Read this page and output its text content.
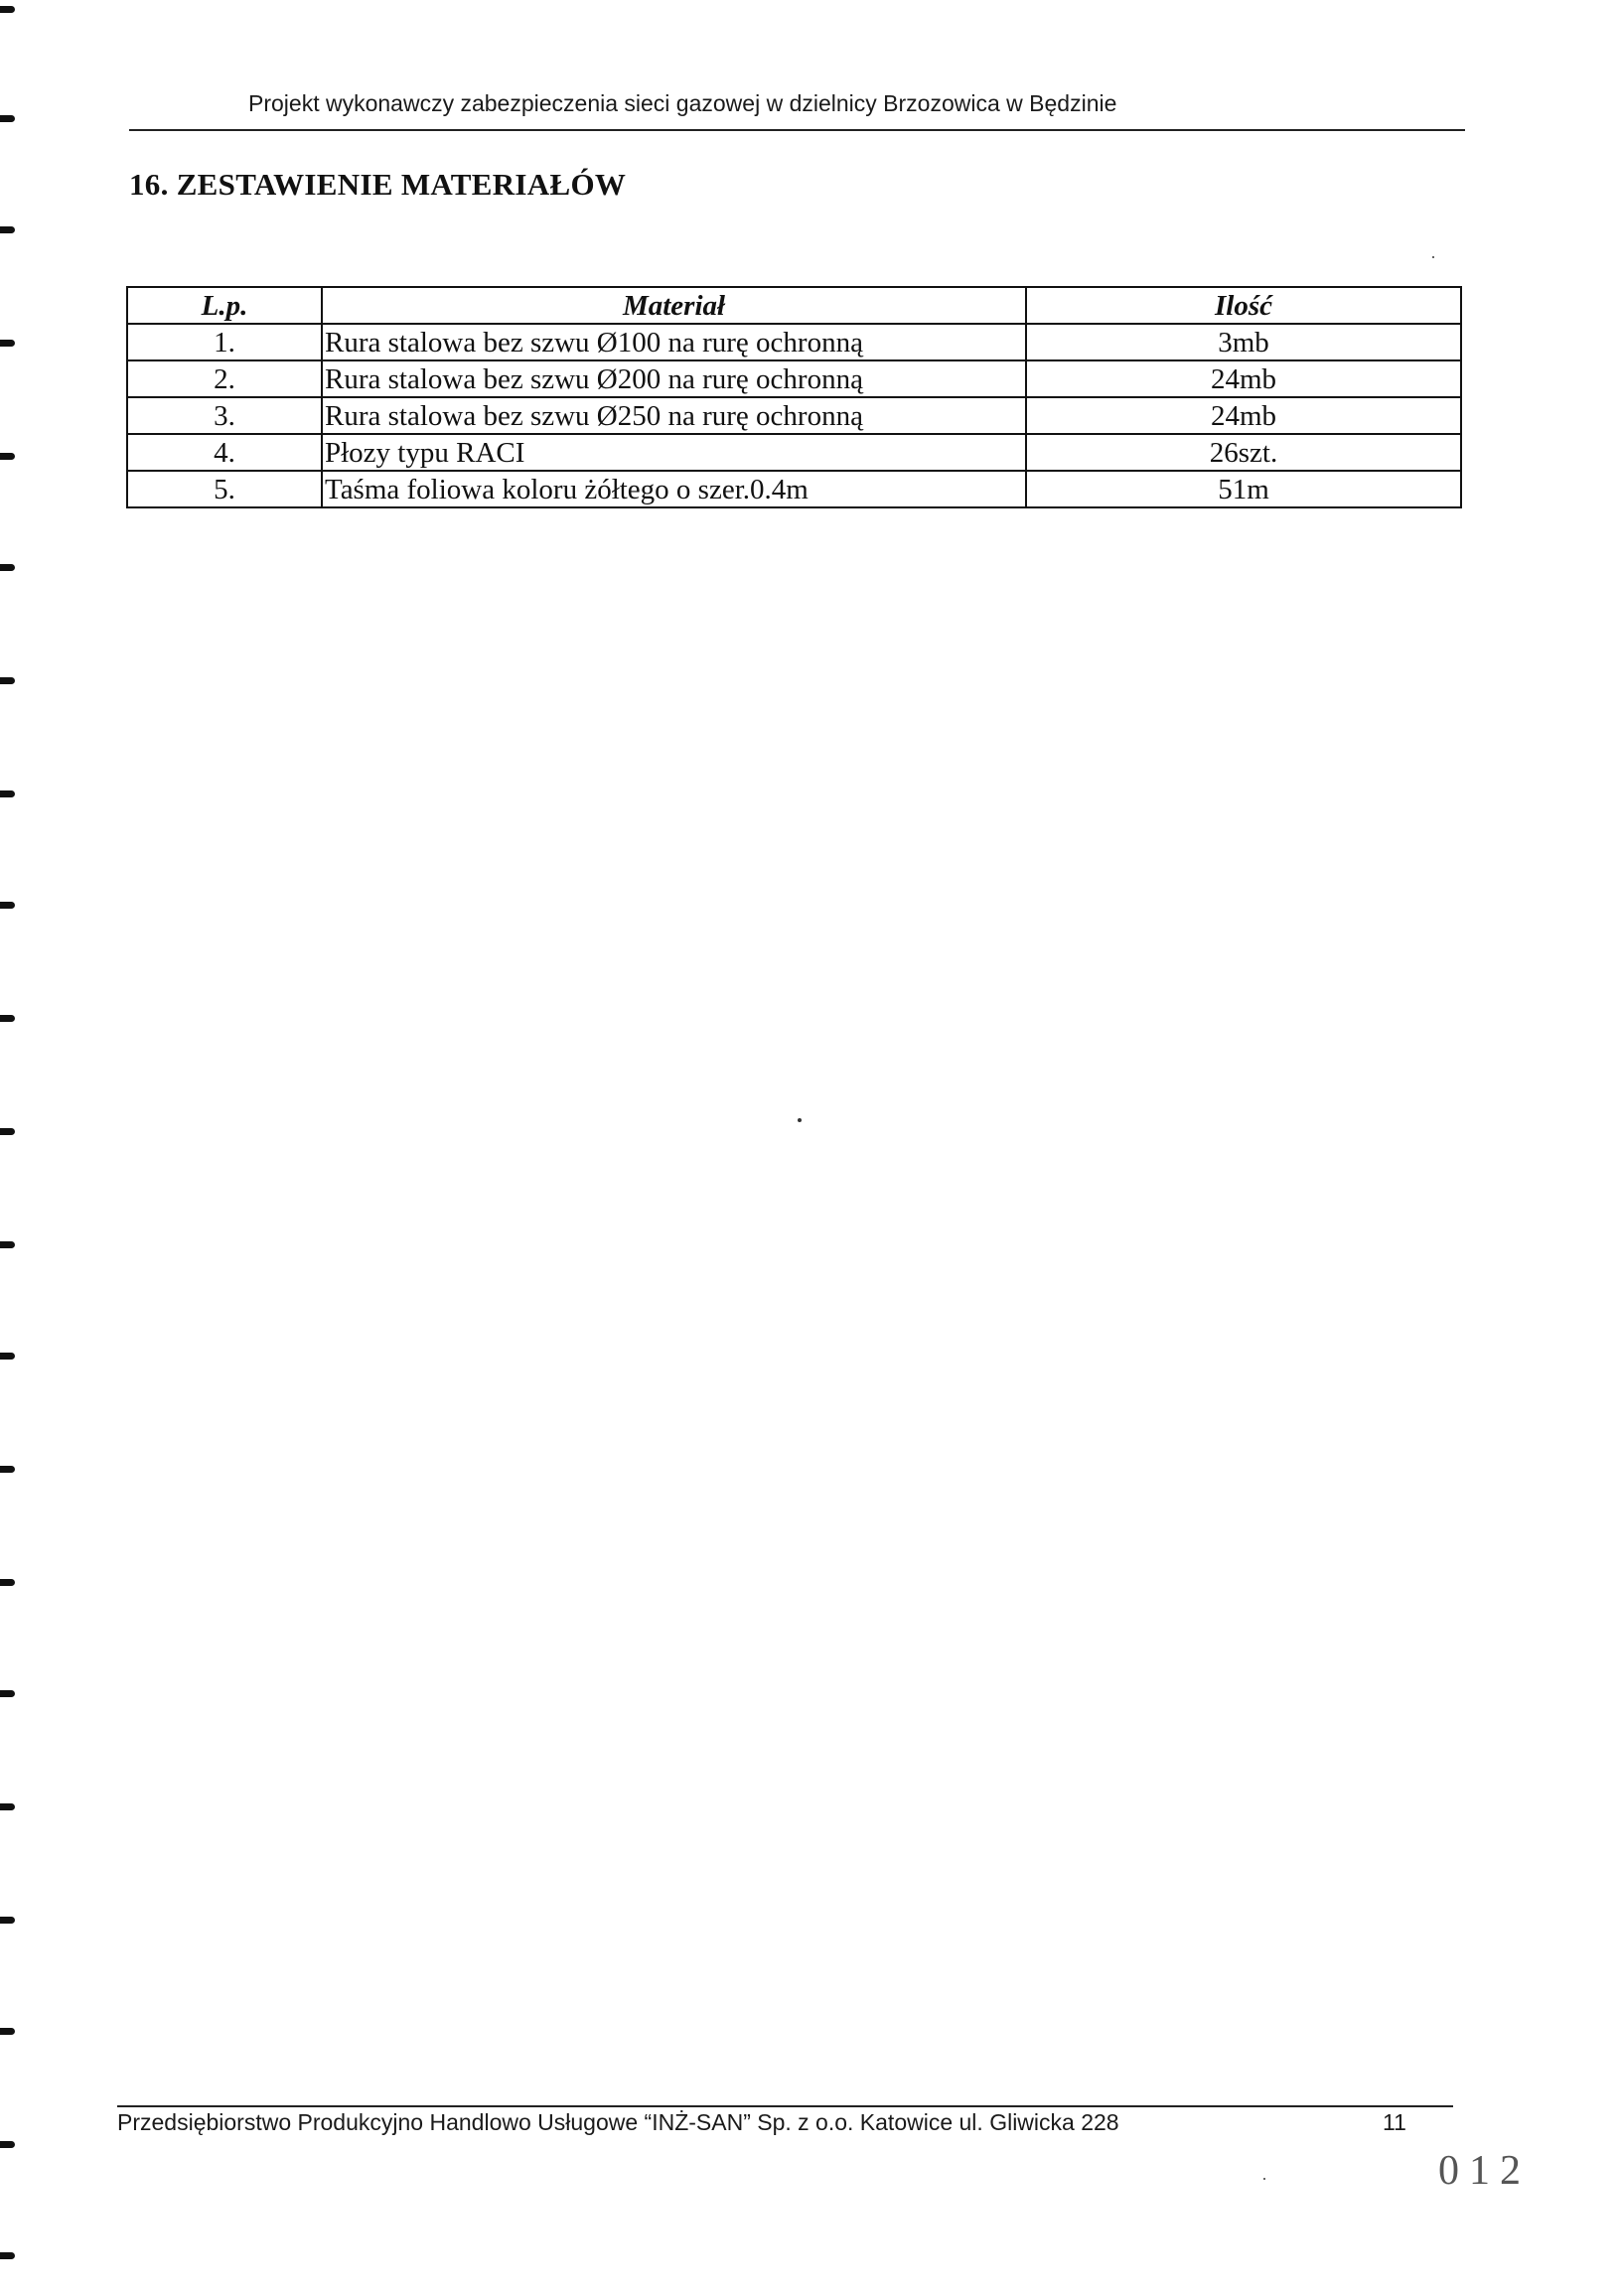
Projekt wykonawczy zabezpieczenia sieci gazowej w dzielnicy Brzozowica w Będzinie
16. ZESTAWIENIE MATERIAŁÓW
L.p.	Materiał	Ilość
1.	Rura stalowa bez szwu Ø100 na rurę ochronną	3mb
2.	Rura stalowa bez szwu Ø200 na rurę ochronną	24mb
3.	Rura stalowa bez szwu Ø250 na rurę ochronną	24mb
4.	Płozy typu RACI	26szt.
5.	Taśma foliowa koloru żółtego o szer.0.4m	51m
Przedsiębiorstwo Produkcyjno Handlowo Usługowe “INŻ-SAN” Sp. z o.o. Katowice ul. Gliwicka 228	11
012
